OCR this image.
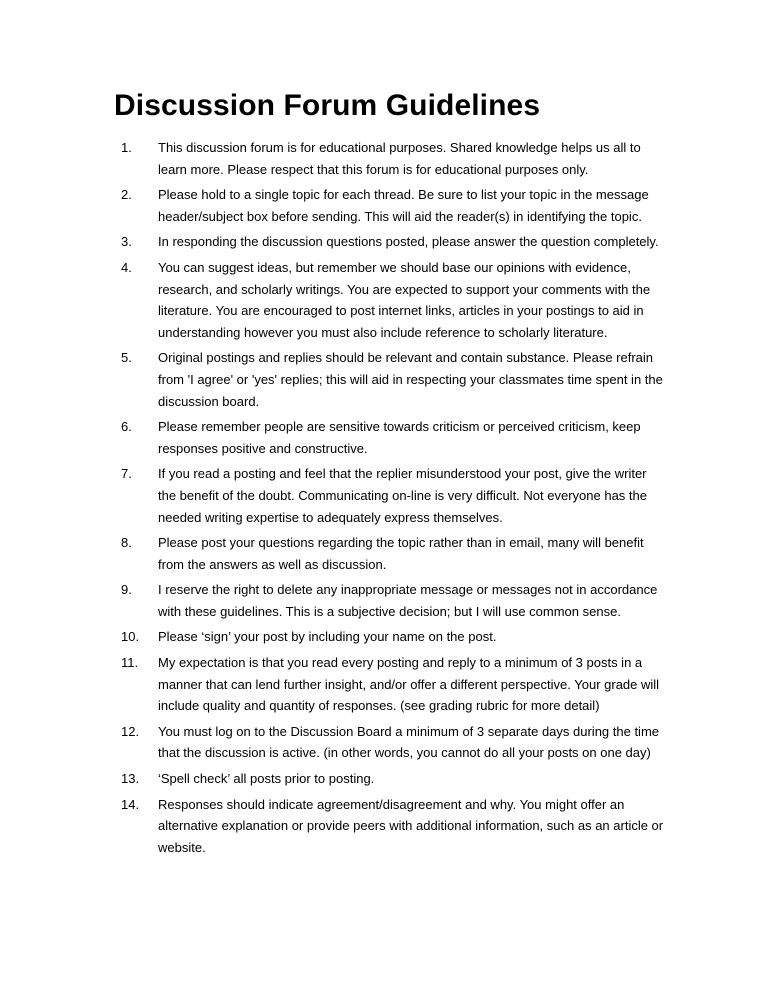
Discussion Forum Guidelines
1.	This discussion forum is for educational purposes. Shared knowledge helps us all to learn more. Please respect that this forum is for educational purposes only.
2.	Please hold to a single topic for each thread. Be sure to list your topic in the message header/subject box before sending. This will aid the reader(s) in identifying the topic.
3.	In responding the discussion questions posted, please answer the question completely.
4.	You can suggest ideas, but remember we should base our opinions with evidence, research, and scholarly writings. You are expected to support your comments with the literature. You are encouraged to post internet links, articles in your postings to aid in understanding however you must also include reference to scholarly literature.
5.	Original postings and replies should be relevant and contain substance. Please refrain from 'I agree' or 'yes' replies; this will aid in respecting your classmates time spent in the discussion board.
6.	Please remember people are sensitive towards criticism or perceived criticism, keep responses positive and constructive.
7.	If you read a posting and feel that the replier misunderstood your post, give the writer the benefit of the doubt. Communicating on-line is very difficult. Not everyone has the needed writing expertise to adequately express themselves.
8.	Please post your questions regarding the topic rather than in email, many will benefit from the answers as well as discussion.
9.	I reserve the right to delete any inappropriate message or messages not in accordance with these guidelines. This is a subjective decision; but I will use common sense.
10.	Please ‘sign’ your post by including your name on the post.
11.	My expectation is that you read every posting and reply to a minimum of 3 posts in a manner that can lend further insight, and/or offer a different perspective. Your grade will include quality and quantity of responses. (see grading rubric for more detail)
12.	You must log on to the Discussion Board a minimum of 3 separate days during the time that the discussion is active. (in other words, you cannot do all your posts on one day)
13.	‘Spell check’ all posts prior to posting.
14.	Responses should indicate agreement/disagreement and why. You might offer an alternative explanation or provide peers with additional information, such as an article or website.
